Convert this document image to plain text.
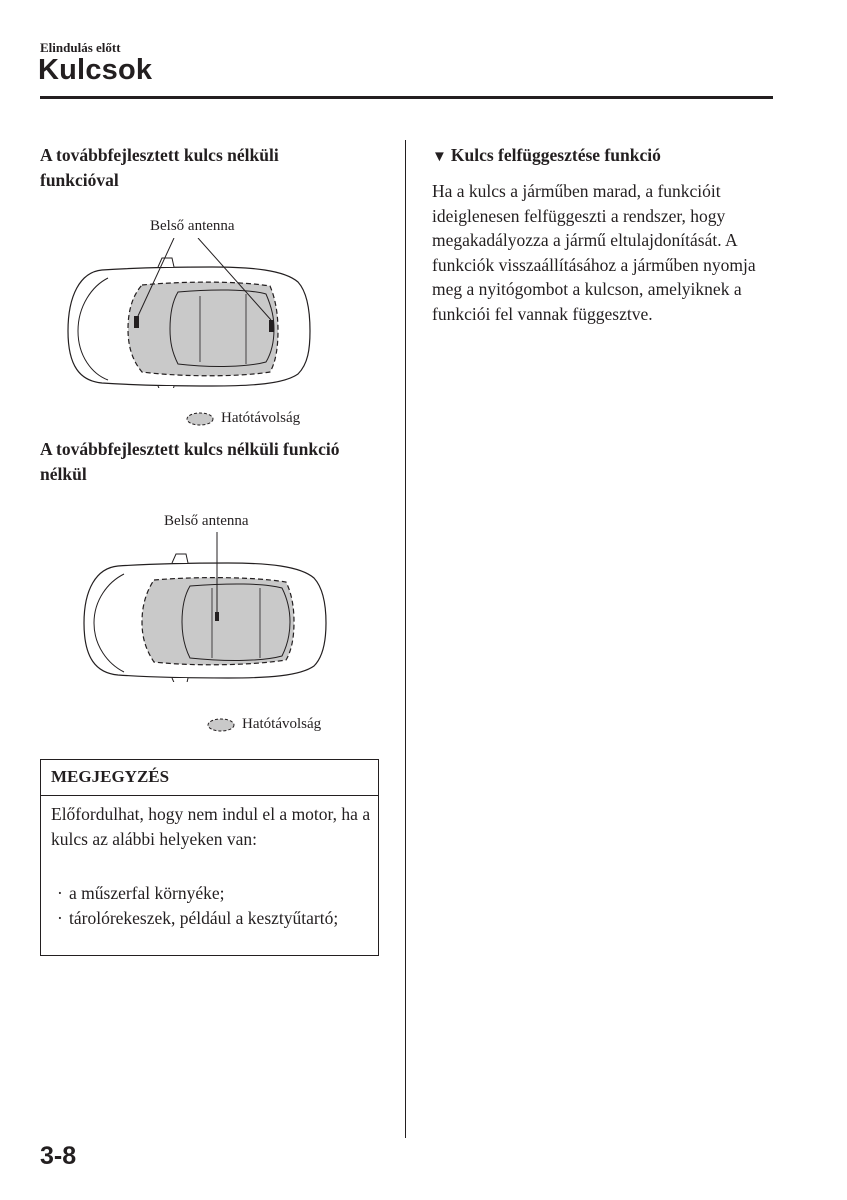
Elindulás előtt
Kulcsok
A továbbfejlesztett kulcs nélküli funkcióval
Belső antenna
Hatótávolság
A továbbfejlesztett kulcs nélküli funkció nélkül
Belső antenna
Hatótávolság
MEGJEGYZÉS
Előfordulhat, hogy nem indul el a motor, ha a kulcs az alábbi helyeken van:
· a műszerfal környéke;
· tárolórekeszek, például a kesztyűtartó;
▼ Kulcs felfüggesztése funkció
Ha a kulcs a járműben marad, a funkcióit ideiglenesen felfüggeszti a rendszer, hogy megakadályozza a jármű eltulajdonítását. A funkciók visszaállításához a járműben nyomja meg a nyitógombot a kulcson, amelyiknek a funkciói fel vannak függesztve.
3-8
